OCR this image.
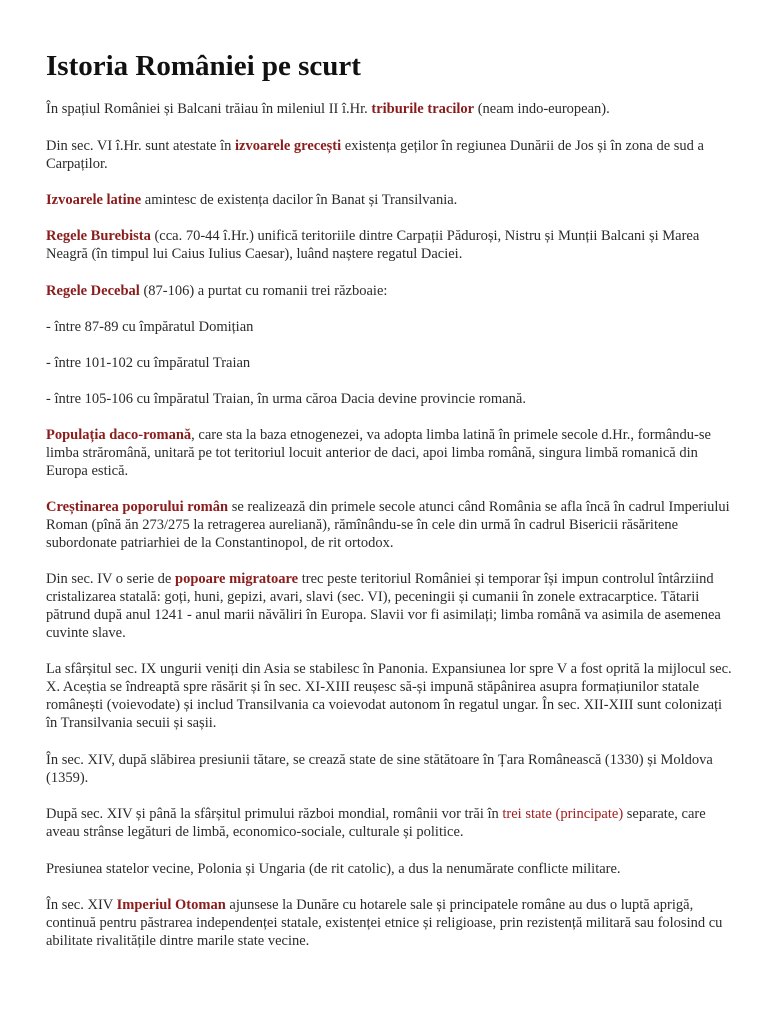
Istoria României pe scurt

În spațiul României și Balcani trăiau în mileniul II î.Hr. triburile tracilor (neam indo-european).

Din sec. VI î.Hr. sunt atestate în izvoarele grecești existența geților în regiunea Dunării de Jos și în zona de sud a Carpaților.

Izvoarele latine amintesc de existența dacilor în Banat și Transilvania.

Regele Burebista (cca. 70-44 î.Hr.) unifică teritoriile dintre Carpații Păduroși, Nistru și Munții Balcani și Marea Neagră (în timpul lui Caius Iulius Caesar), luând naștere regatul Daciei.

Regele Decebal (87-106) a purtat cu romanii trei războaie:

- între 87-89 cu împăratul Domițian

- între 101-102 cu împăratul Traian

- între 105-106 cu împăratul Traian, în urma căroa Dacia devine provincie romană.

Populația daco-romană, care sta la baza etnogenezei, va adopta limba latină în primele secole d.Hr., formându-se limba străromână, unitară pe tot teritoriul locuit anterior de daci, apoi limba română, singura limbă romanică din Europa estică.

Creștinarea poporului român se realizează din primele secole atunci când România se afla încă în cadrul Imperiului Roman (pînă ăn 273/275 la retragerea aureliană), rămînându-se în cele din urmă în cadrul Bisericii răsăritene subordonate patriarhiei de la Constantinopol, de rit ortodox.

Din sec. IV o serie de popoare migratoare trec peste teritoriul României și temporar își impun controlul întârziind cristalizarea statală: goți, huni, gepizi, avari, slavi (sec. VI), peceningii și cumanii în zonele extracarptice. Tătarii pătrund după anul 1241 - anul marii năvăliri în Europa. Slavii vor fi asimilați; limba română va asimila de asemenea cuvinte slave.

La sfârșitul sec. IX ungurii veniți din Asia se stabilesc în Panonia. Expansiunea lor spre V a fost oprită la mijlocul sec. X. Aceștia se îndreaptă spre răsărit și în sec. XI-XIII reușesc să-și impună stăpânirea asupra formațiunilor statale românești (voievodate) și includ Transilvania ca voievodat autonom în regatul ungar. În sec. XII-XIII sunt colonizați în Transilvania secuii și sașii.

În sec. XIV, după slăbirea presiunii tătare, se crează state de sine stătătoare în Țara Românească (1330) și Moldova (1359).

După sec. XIV și până la sfârșitul primului război mondial, românii vor trăi în trei state (principate) separate, care aveau strânse legături de limbă, economico-sociale, culturale și politice.

Presiunea statelor vecine, Polonia și Ungaria (de rit catolic), a dus la nenumărate conflicte militare.

În sec. XIV Imperiul Otoman ajunsese la Dunăre cu hotarele sale și principatele române au dus o luptă aprigă, continuă pentru păstrarea independenței statale, existenței etnice și religioase, prin rezistență militară sau folosind cu abilitate rivalitățile dintre marile state vecine.
